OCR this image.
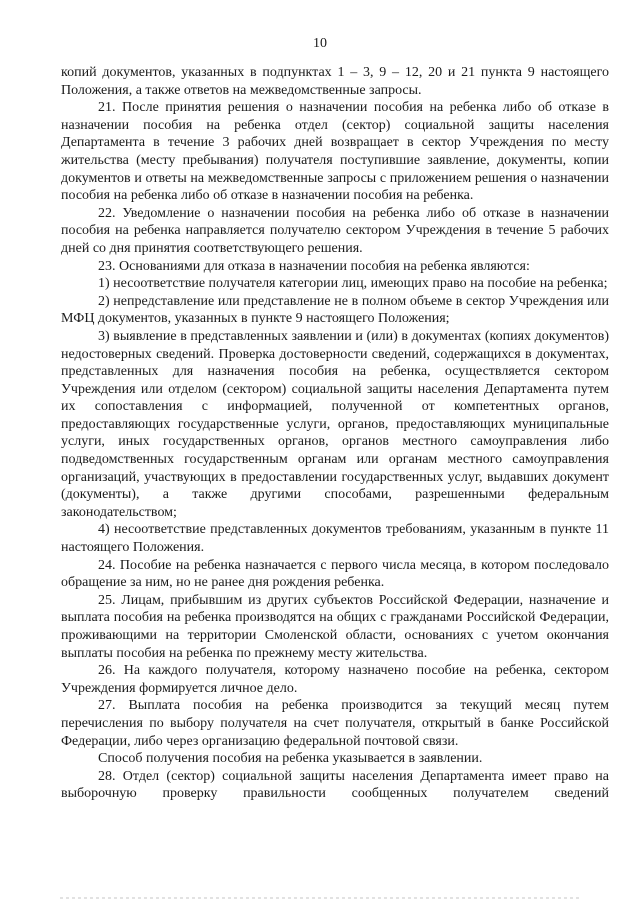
10

копий документов, указанных в подпунктах 1 – 3, 9 – 12, 20 и 21 пункта 9 настоящего Положения, а также ответов на межведомственные запросы.

21. После принятия решения о назначении пособия на ребенка либо об отказе в назначении пособия на ребенка отдел (сектор) социальной защиты населения Департамента в течение 3 рабочих дней возвращает в сектор Учреждения по месту жительства (месту пребывания) получателя поступившие заявление, документы, копии документов и ответы на межведомственные запросы с приложением решения о назначении пособия на ребенка либо об отказе в назначении пособия на ребенка.

22. Уведомление о назначении пособия на ребенка либо об отказе в назначении пособия на ребенка направляется получателю сектором Учреждения в течение 5 рабочих дней со дня принятия соответствующего решения.

23. Основаниями для отказа в назначении пособия на ребенка являются:

1) несоответствие получателя категории лиц, имеющих право на пособие на ребенка;

2) непредставление или представление не в полном объеме в сектор Учреждения или МФЦ документов, указанных в пункте 9 настоящего Положения;

3) выявление в представленных заявлении и (или) в документах (копиях документов) недостоверных сведений. Проверка достоверности сведений, содержащихся в документах, представленных для назначения пособия на ребенка, осуществляется сектором Учреждения или отделом (сектором) социальной защиты населения Департамента путем их сопоставления с информацией, полученной от компетентных органов, предоставляющих государственные услуги, органов, предоставляющих муниципальные услуги, иных государственных органов, органов местного самоуправления либо подведомственных государственным органам или органам местного самоуправления организаций, участвующих в предоставлении государственных услуг, выдавших документ (документы), а также другими способами, разрешенными федеральным законодательством;

4) несоответствие представленных документов требованиям, указанным в пункте 11 настоящего Положения.

24. Пособие на ребенка назначается с первого числа месяца, в котором последовало обращение за ним, но не ранее дня рождения ребенка.

25. Лицам, прибывшим из других субъектов Российской Федерации, назначение и выплата пособия на ребенка производятся на общих с гражданами Российской Федерации, проживающими на территории Смоленской области, основаниях с учетом окончания выплаты пособия на ребенка по прежнему месту жительства.

26. На каждого получателя, которому назначено пособие на ребенка, сектором Учреждения формируется личное дело.

27. Выплата пособия на ребенка производится за текущий месяц путем перечисления по выбору получателя на счет получателя, открытый в банке Российской Федерации, либо через организацию федеральной почтовой связи.

Способ получения пособия на ребенка указывается в заявлении.

28. Отдел (сектор) социальной защиты населения Департамента имеет право на выборочную проверку правильности сообщенных получателем сведений
